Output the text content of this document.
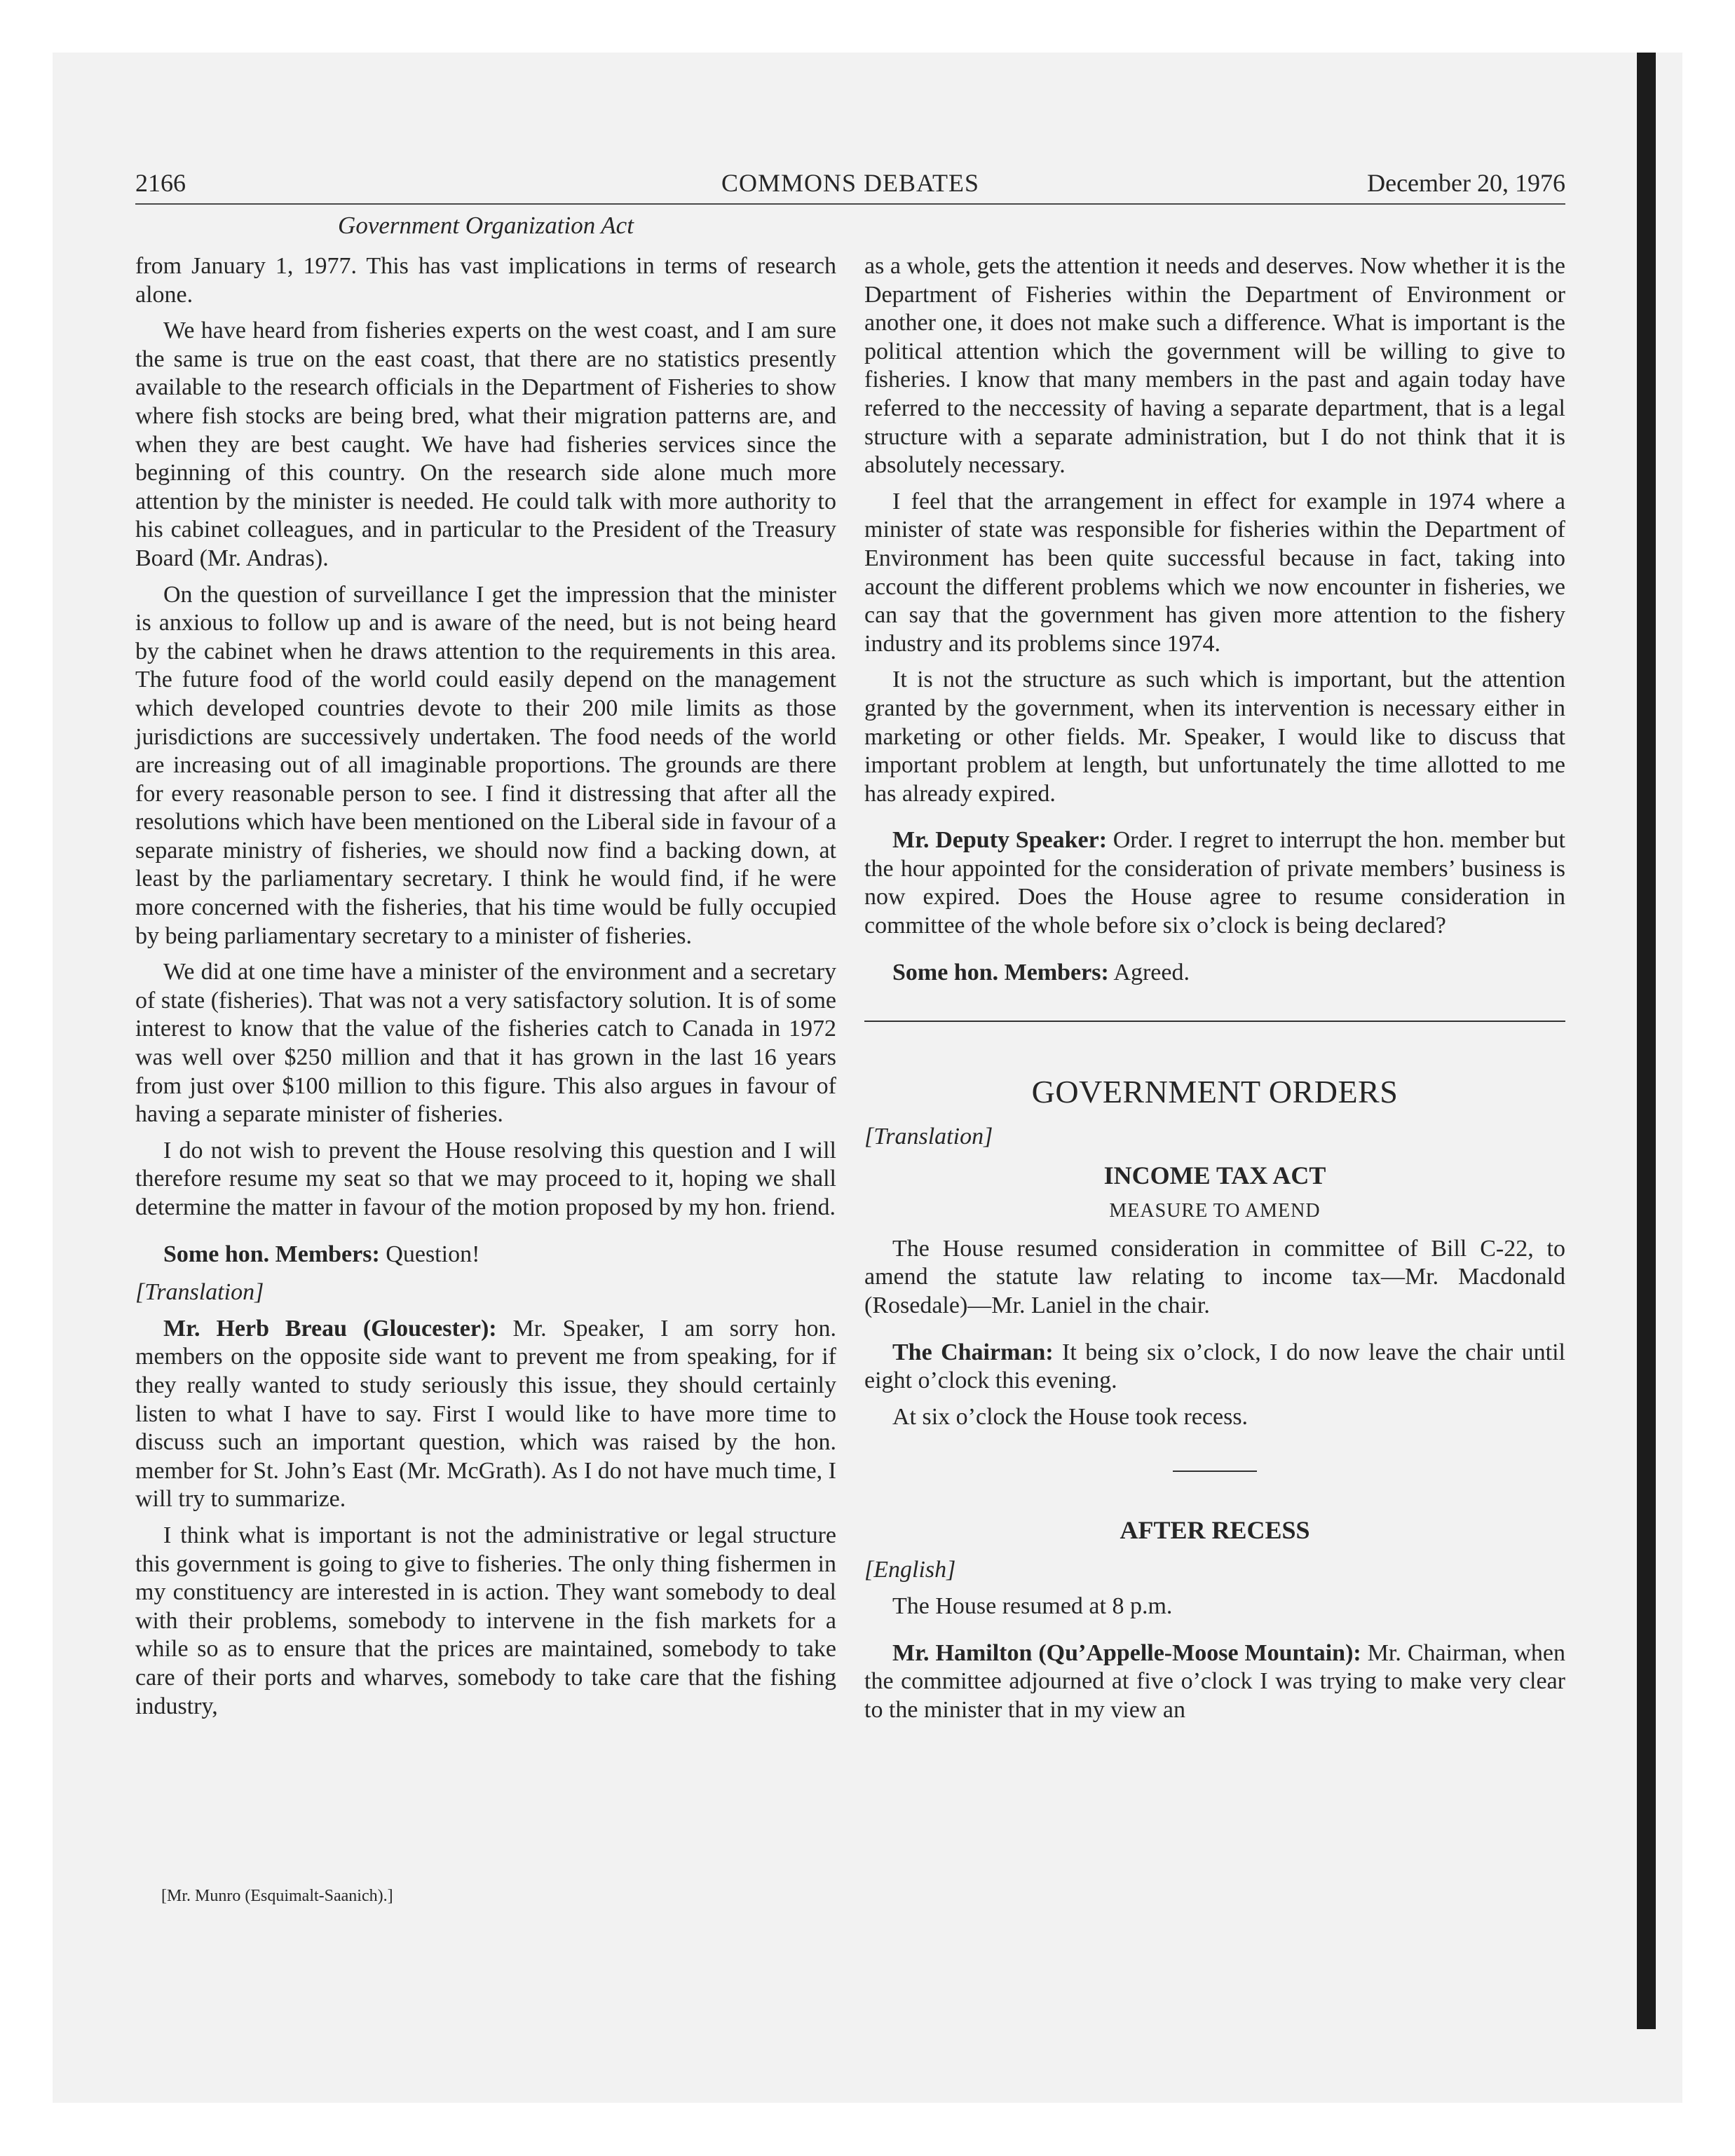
2166	COMMONS DEBATES	December 20, 1976
Government Organization Act

from January 1, 1977. This has vast implications in terms of research alone.

We have heard from fisheries experts on the west coast, and I am sure the same is true on the east coast, that there are no statistics presently available to the research officials in the Department of Fisheries to show where fish stocks are being bred, what their migration patterns are, and when they are best caught. We have had fisheries services since the beginning of this country. On the research side alone much more attention by the minister is needed. He could talk with more authority to his cabinet colleagues, and in particular to the President of the Treasury Board (Mr. Andras).

On the question of surveillance I get the impression that the minister is anxious to follow up and is aware of the need, but is not being heard by the cabinet when he draws attention to the requirements in this area. The future food of the world could easily depend on the management which developed countries devote to their 200 mile limits as those jurisdictions are successively undertaken. The food needs of the world are increasing out of all imaginable proportions. The grounds are there for every reasonable person to see. I find it distressing that after all the resolutions which have been mentioned on the Liberal side in favour of a separate ministry of fisheries, we should now find a backing down, at least by the parliamentary secretary. I think he would find, if he were more concerned with the fisheries, that his time would be fully occupied by being parliamentary secretary to a minister of fisheries.

We did at one time have a minister of the environment and a secretary of state (fisheries). That was not a very satisfactory solution. It is of some interest to know that the value of the fisheries catch to Canada in 1972 was well over $250 million and that it has grown in the last 16 years from just over $100 million to this figure. This also argues in favour of having a separate minister of fisheries.

I do not wish to prevent the House resolving this question and I will therefore resume my seat so that we may proceed to it, hoping we shall determine the matter in favour of the motion proposed by my hon. friend.

Some hon. Members: Question!

[Translation]

Mr. Herb Breau (Gloucester): Mr. Speaker, I am sorry hon. members on the opposite side want to prevent me from speaking, for if they really wanted to study seriously this issue, they should certainly listen to what I have to say. First I would like to have more time to discuss such an important question, which was raised by the hon. member for St. John’s East (Mr. McGrath). As I do not have much time, I will try to summarize.

I think what is important is not the administrative or legal structure this government is going to give to fisheries. The only thing fishermen in my constituency are interested in is action. They want somebody to deal with their problems, somebody to intervene in the fish markets for a while so as to ensure that the prices are maintained, somebody to take care of their ports and wharves, somebody to take care that the fishing industry,

as a whole, gets the attention it needs and deserves. Now whether it is the Department of Fisheries within the Department of Environment or another one, it does not make such a difference. What is important is the political attention which the government will be willing to give to fisheries. I know that many members in the past and again today have referred to the neccessity of having a separate department, that is a legal structure with a separate administration, but I do not think that it is absolutely necessary.

I feel that the arrangement in effect for example in 1974 where a minister of state was responsible for fisheries within the Department of Environment has been quite successful because in fact, taking into account the different problems which we now encounter in fisheries, we can say that the government has given more attention to the fishery industry and its problems since 1974.

It is not the structure as such which is important, but the attention granted by the government, when its intervention is necessary either in marketing or other fields. Mr. Speaker, I would like to discuss that important problem at length, but unfortunately the time allotted to me has already expired.

Mr. Deputy Speaker: Order. I regret to interrupt the hon. member but the hour appointed for the consideration of private members’ business is now expired. Does the House agree to resume consideration in committee of the whole before six o’clock is being declared?

Some hon. Members: Agreed.

GOVERNMENT ORDERS

[Translation]

INCOME TAX ACT
MEASURE TO AMEND

The House resumed consideration in committee of Bill C-22, to amend the statute law relating to income tax—Mr. Macdonald (Rosedale)—Mr. Laniel in the chair.

The Chairman: It being six o’clock, I do now leave the chair until eight o’clock this evening.

At six o’clock the House took recess.

AFTER RECESS

[English]

The House resumed at 8 p.m.

Mr. Hamilton (Qu’Appelle-Moose Mountain): Mr. Chairman, when the committee adjourned at five o’clock I was trying to make very clear to the minister that in my view an

[Mr. Munro (Esquimalt-Saanich).]
